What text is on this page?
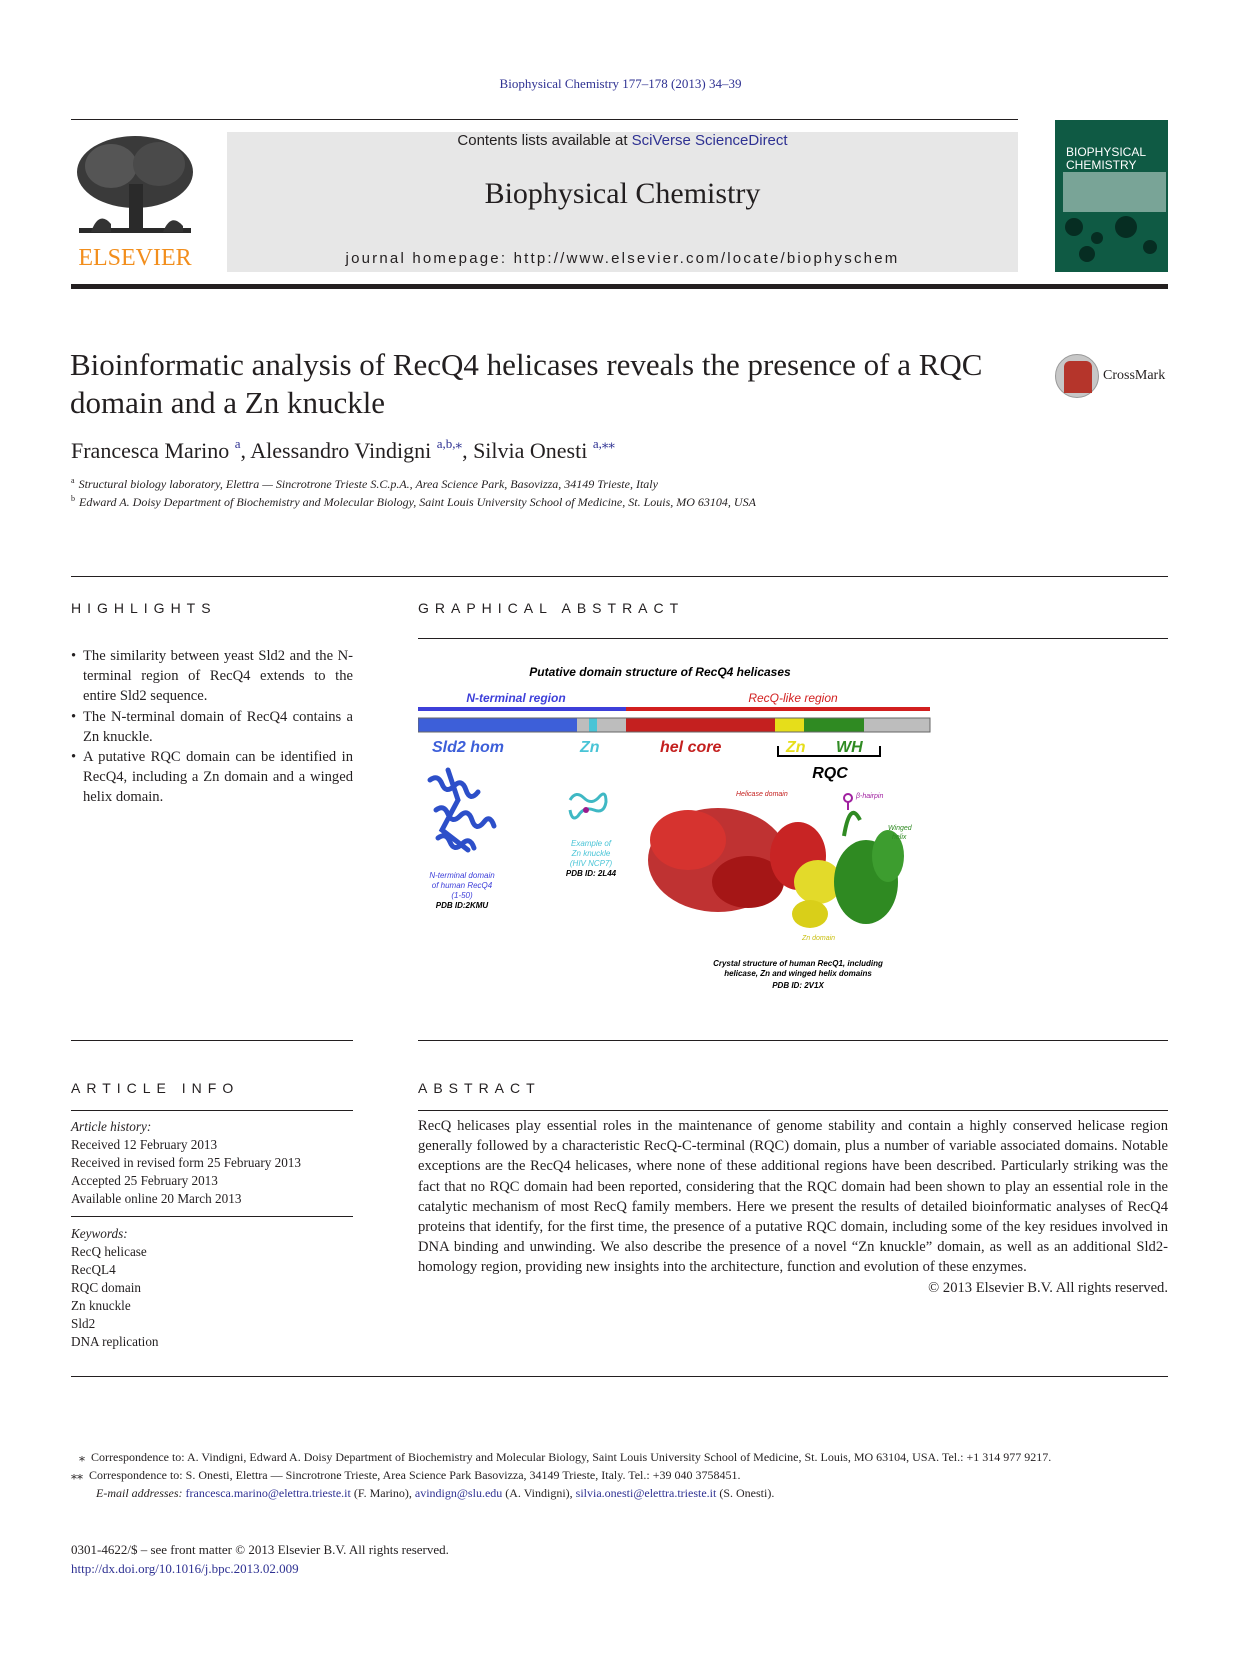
Biophysical Chemistry 177–178 (2013) 34–39
ELSEVIER
Contents lists available at SciVerse ScienceDirect
Biophysical Chemistry
journal homepage: http://www.elsevier.com/locate/biophyschem
BIOPHYSICAL
CHEMISTRY
Bioinformatic analysis of RecQ4 helicases reveals the presence of a RQC domain and a Zn knuckle
CrossMark
Francesca Marino $^a$, Alessandro Vindigni $^{a,b,⁎}$, Silvia Onesti $^{a,⁎⁎}$
$^a$ Structural biology laboratory, Elettra — Sincrotrone Trieste S.C.p.A., Area Science Park, Basovizza, 34149 Trieste, Italy
$^b$ Edward A. Doisy Department of Biochemistry and Molecular Biology, Saint Louis University School of Medicine, St. Louis, MO 63104, USA
HIGHLIGHTS
• The similarity between yeast Sld2 and the N-terminal region of RecQ4 extends to the entire Sld2 sequence.
• The N-terminal domain of RecQ4 contains a Zn knuckle.
• A putative RQC domain can be identified in RecQ4, including a Zn domain and a winged helix domain.
GRAPHICAL ABSTRACT
Putative domain structure of RecQ4 helicases
N-terminal region	RecQ-like region
Sld2 hom	Zn	hel core	Zn WH
RQC
N-terminal domain
of human RecQ4
(1-50)
PDB ID:2KMU
Example of
Zn knuckle
(HIV NCP7)
PDB ID: 2L44
Helicase domain	β-hairpin
Winged
helix
Zn domain
Crystal structure of human RecQ1, including
helicase, Zn and winged helix domains
PDB ID: 2V1X
ARTICLE INFO
Article history:
Received 12 February 2013
Received in revised form 25 February 2013
Accepted 25 February 2013
Available online 20 March 2013
Keywords:
RecQ helicase
RecQL4
RQC domain
Zn knuckle
Sld2
DNA replication
ABSTRACT
RecQ helicases play essential roles in the maintenance of genome stability and contain a highly conserved helicase region generally followed by a characteristic RecQ-C-terminal (RQC) domain, plus a number of variable associated domains. Notable exceptions are the RecQ4 helicases, where none of these additional regions have been described. Particularly striking was the fact that no RQC domain had been reported, considering that the RQC domain had been shown to play an essential role in the catalytic mechanism of most RecQ family members. Here we present the results of detailed bioinformatic analyses of RecQ4 proteins that identify, for the first time, the presence of a putative RQC domain, including some of the key residues involved in DNA binding and unwinding. We also describe the presence of a novel “Zn knuckle” domain, as well as an additional Sld2-homology region, providing new insights into the architecture, function and evolution of these enzymes.
© 2013 Elsevier B.V. All rights reserved.
⁎ Correspondence to: A. Vindigni, Edward A. Doisy Department of Biochemistry and Molecular Biology, Saint Louis University School of Medicine, St. Louis, MO 63104, USA. Tel.: +1 314 977 9217.
⁎⁎ Correspondence to: S. Onesti, Elettra — Sincrotrone Trieste, Area Science Park Basovizza, 34149 Trieste, Italy. Tel.: +39 040 3758451.
E-mail addresses: francesca.marino@elettra.trieste.it (F. Marino), avindign@slu.edu (A. Vindigni), silvia.onesti@elettra.trieste.it (S. Onesti).
0301-4622/$ – see front matter © 2013 Elsevier B.V. All rights reserved.
http://dx.doi.org/10.1016/j.bpc.2013.02.009
